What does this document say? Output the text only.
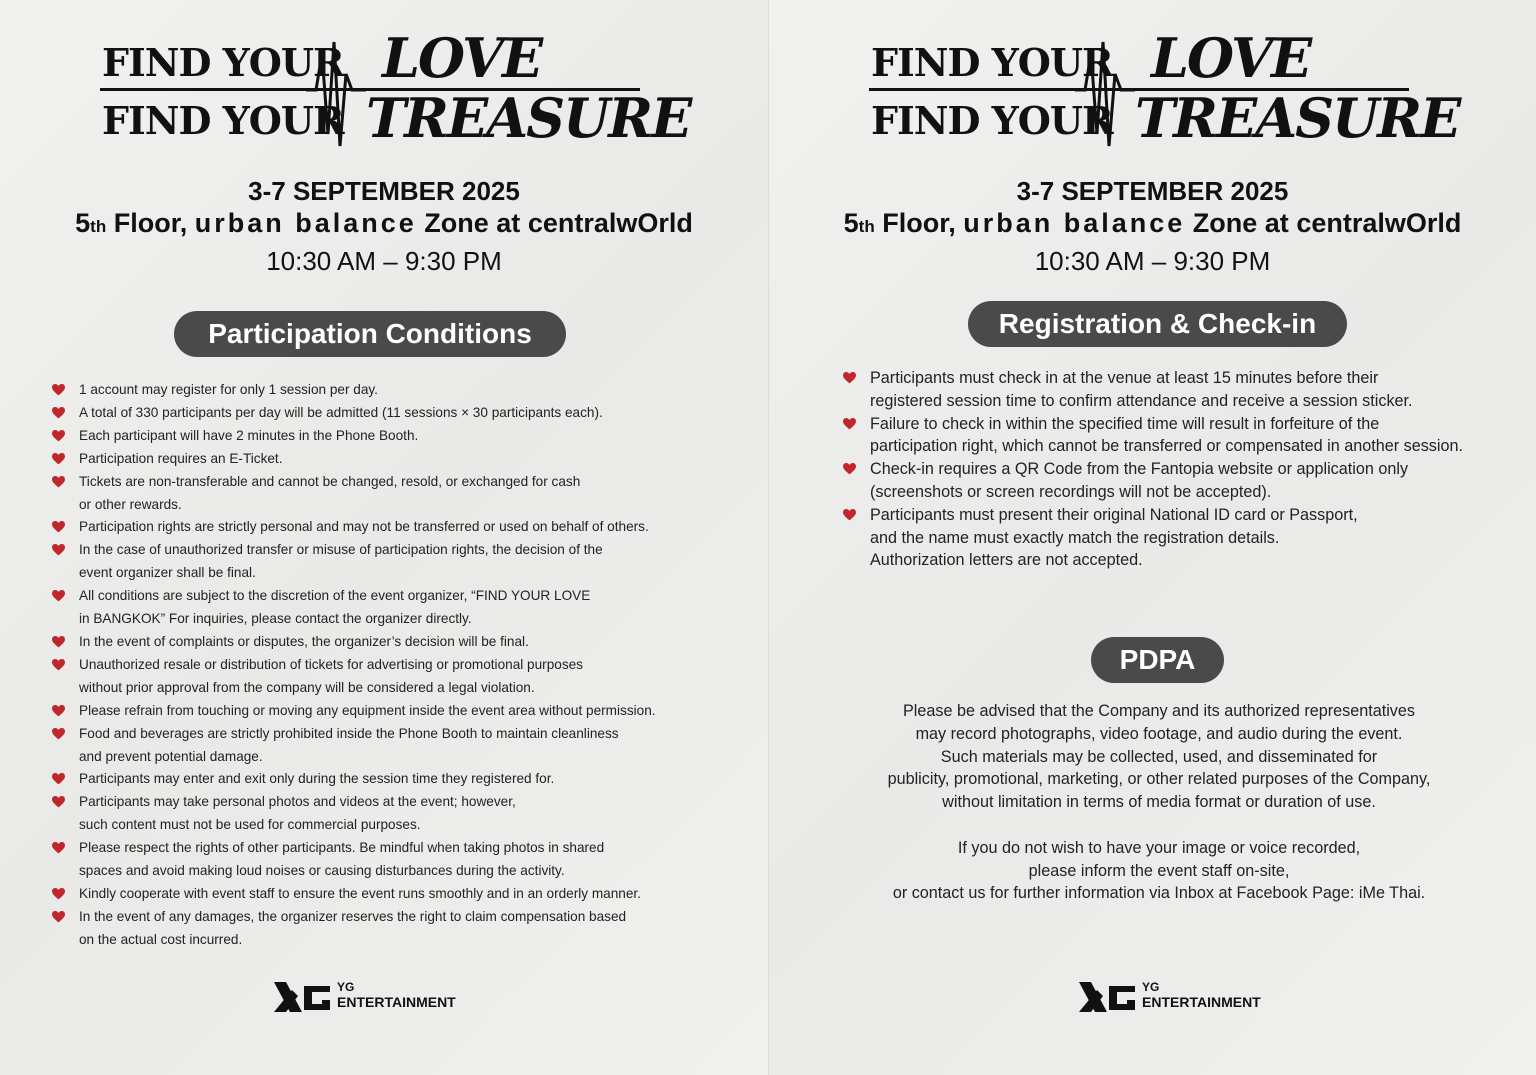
FIND YOUR
FIND YOUR
LOVE
TREASURE
3-7 SEPTEMBER 2025
5th Floor, urban balance Zone at centralwOrld
10:30 AM – 9:30 PM
Participation Conditions
1 account may register for only 1 session per day.
A total of 330 participants per day will be admitted (11 sessions × 30 participants each).
Each participant will have 2 minutes in the Phone Booth.
Participation requires an E-Ticket.
Tickets are non-transferable and cannot be changed, resold, or exchanged for cash
or other rewards.
Participation rights are strictly personal and may not be transferred or used on behalf of others.
In the case of unauthorized transfer or misuse of participation rights, the decision of the
event organizer shall be final.
All conditions are subject to the discretion of the event organizer, “FIND YOUR LOVE
in BANGKOK” For inquiries, please contact the organizer directly.
In the event of complaints or disputes, the organizer’s decision will be final.
Unauthorized resale or distribution of tickets for advertising or promotional purposes
without prior approval from the company will be considered a legal violation.
Please refrain from touching or moving any equipment inside the event area without permission.
Food and beverages are strictly prohibited inside the Phone Booth to maintain cleanliness
and prevent potential damage.
Participants may enter and exit only during the session time they registered for.
Participants may take personal photos and videos at the event; however,
such content must not be used for commercial purposes.
Please respect the rights of other participants. Be mindful when taking photos in shared
spaces and avoid making loud noises or causing disturbances during the activity.
Kindly cooperate with event staff to ensure the event runs smoothly and in an orderly manner.
In the event of any damages, the organizer reserves the right to claim compensation based
on the actual cost incurred.
YG
ENTERTAINMENT
FIND YOUR
FIND YOUR
LOVE
TREASURE
3-7 SEPTEMBER 2025
5th Floor, urban balance Zone at centralwOrld
10:30 AM – 9:30 PM
Registration & Check-in
Participants must check in at the venue at least 15 minutes before their
registered session time to confirm attendance and receive a session sticker.
Failure to check in within the specified time will result in forfeiture of the
participation right, which cannot be transferred or compensated in another session.
Check-in requires a QR Code from the Fantopia website or application only
(screenshots or screen recordings will not be accepted).
Participants must present their original National ID card or Passport,
and the name must exactly match the registration details.
Authorization letters are not accepted.
PDPA

Please be advised that the Company and its authorized representatives
may record photographs, video footage, and audio during the event.
Such materials may be collected, used, and disseminated for
publicity, promotional, marketing, or other related purposes of the Company,
without limitation in terms of media format or duration of use.

If you do not wish to have your image or voice recorded,
please inform the event staff on-site,
or contact us for further information via Inbox at Facebook Page: iMe Thai.

YG
ENTERTAINMENT
